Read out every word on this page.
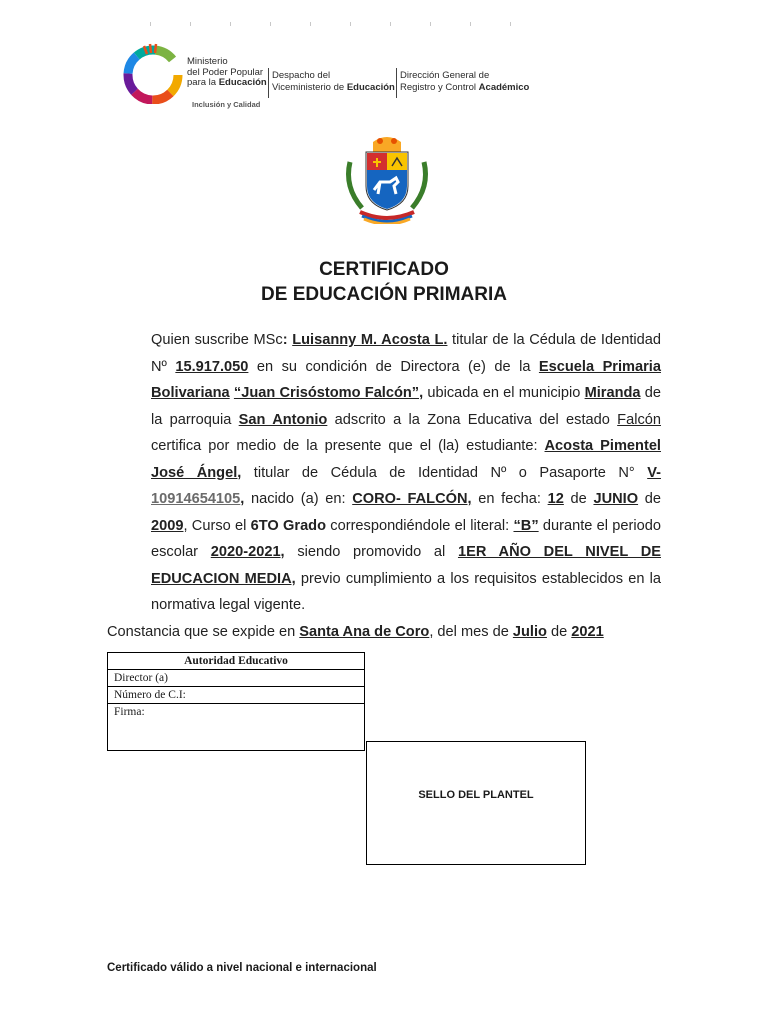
Ministerio
del Poder Popular
para la Educación
Inclusión y Calidad
Despacho del
Viceministerio de Educación
Dirección General de
Registro y Control Académico
CERTIFICADO
DE EDUCACIÓN PRIMARIA

Quien suscribe MSc: Luisanny M. Acosta L. titular de la Cédula de Identidad Nº 15.917.050 en su condición de Directora (e) de la Escuela Primaria Bolivariana “Juan Crisóstomo Falcón”, ubicada en el municipio Miranda de la parroquia San Antonio adscrito a la Zona Educativa del estado Falcón certifica por medio de la presente que el (la) estudiante: Acosta Pimentel José Ángel, titular de Cédula de Identidad Nº o Pasaporte N° V-10914654105, nacido (a) en: CORO- FALCÓN, en fecha: 12 de JUNIO de 2009, Curso el 6TO Grado correspondiéndole el literal: “B” durante el periodo escolar 2020-2021, siendo promovido al 1ER AÑO DEL NIVEL DE EDUCACION MEDIA, previo cumplimiento a los requisitos establecidos en la normativa legal vigente.

Constancia que se expide en Santa Ana de Coro, del mes de Julio de 2021

Autoridad Educativo
Director (a)
Número de C.I:
Firma:
SELLO DEL PLANTEL
Certificado válido a nivel nacional e internacional
